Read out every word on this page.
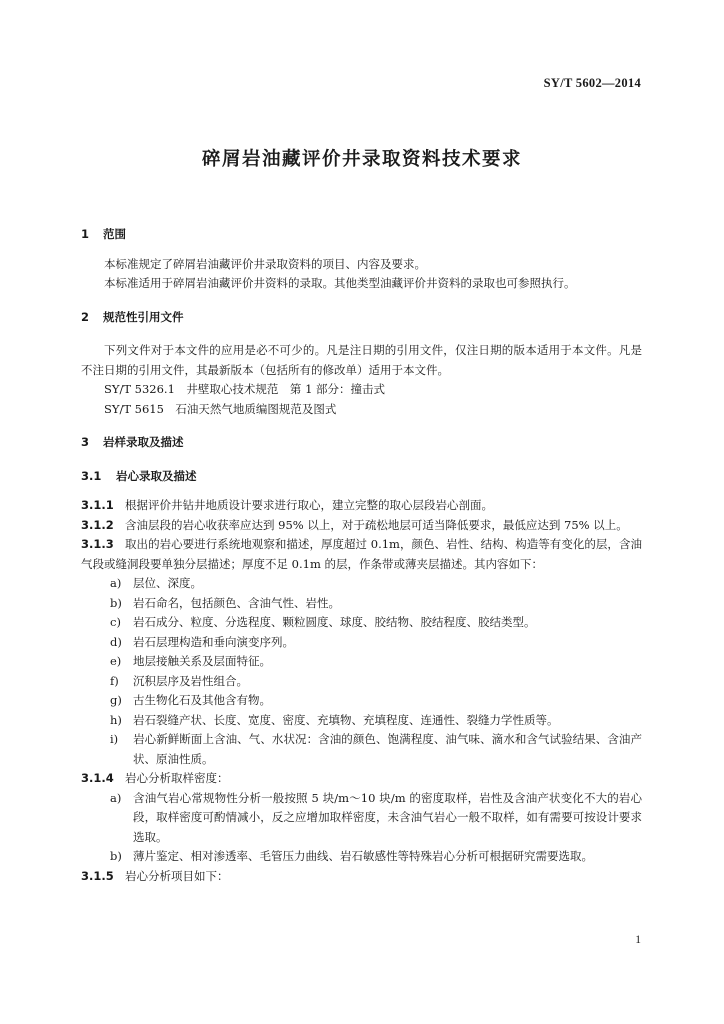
SY/T 5602—2014
碎屑岩油藏评价井录取资料技术要求
1 范围

本标准规定了碎屑岩油藏评价井录取资料的项目、内容及要求。

本标准适用于碎屑岩油藏评价井资料的录取。其他类型油藏评价井资料的录取也可参照执行。

2 规范性引用文件

下列文件对于本文件的应用是必不可少的。凡是注日期的引用文件，仅注日期的版本适用于本文件。凡是不注日期的引用文件，其最新版本（包括所有的修改单）适用于本文件。

SY/T 5326.1　井壁取心技术规范　第 1 部分：撞击式

SY/T 5615　石油天然气地质编图规范及图式

3 岩样录取及描述
3.1 岩心录取及描述

3.1.1 根据评价井钻井地质设计要求进行取心，建立完整的取心层段岩心剖面。

3.1.2 含油层段的岩心收获率应达到 95% 以上，对于疏松地层可适当降低要求，最低应达到 75% 以上。

3.1.3 取出的岩心要进行系统地观察和描述，厚度超过 0.1m，颜色、岩性、结构、构造等有变化的层，含油气段或缝洞段要单独分层描述；厚度不足 0.1m 的层，作条带或薄夹层描述。其内容如下：

a) 层位、深度。

b) 岩石命名，包括颜色、含油气性、岩性。

c) 岩石成分、粒度、分选程度、颗粒圆度、球度、胶结物、胶结程度、胶结类型。

d) 岩石层理构造和垂向演变序列。

e) 地层接触关系及层面特征。

f) 沉积层序及岩性组合。

g) 古生物化石及其他含有物。

h) 岩石裂缝产状、长度、宽度、密度、充填物、充填程度、连通性、裂缝力学性质等。

i) 岩心新鲜断面上含油、气、水状况：含油的颜色、饱满程度、油气味、滴水和含气试验结果、含油产状、原油性质。

3.1.4 岩心分析取样密度：

a) 含油气岩心常规物性分析一般按照 5 块/m～10 块/m 的密度取样，岩性及含油产状变化不大的岩心段，取样密度可酌情减小，反之应增加取样密度，未含油气岩心一般不取样，如有需要可按设计要求选取。

b) 薄片鉴定、相对渗透率、毛管压力曲线、岩石敏感性等特殊岩心分析可根据研究需要选取。

3.1.5 岩心分析项目如下：

1
